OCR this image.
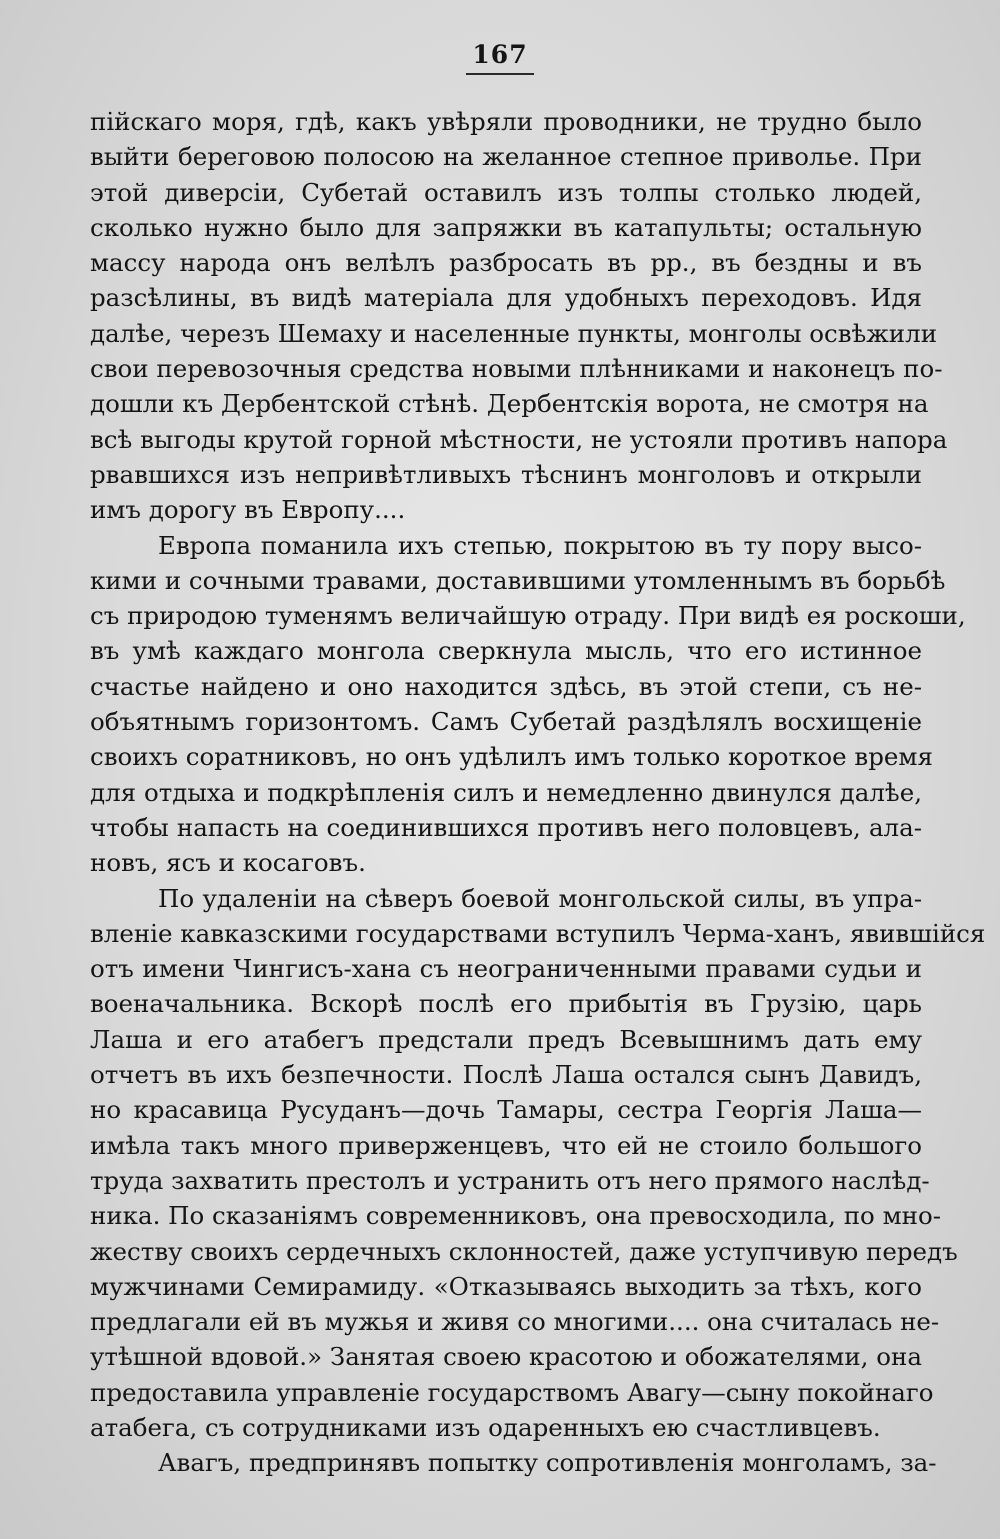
167

пійскаго моря, гдѣ, какъ увѣряли проводники, не трудно было
выйти береговою полосою на желанное степное приволье. При
этой диверсіи, Субетай оставилъ изъ толпы столько людей,
сколько нужно было для запряжки въ катапульты; остальную
массу народа онъ велѣлъ разбросать въ рр., въ бездны и въ
разсѣлины, въ видѣ матеріала для удобныхъ переходовъ. Идя
далѣе, черезъ Шемаху и населенные пункты, монголы освѣжили
свои перевозочныя средства новыми плѣнниками и наконецъ по-
дошли къ Дербентской стѣнѣ. Дербентскія ворота, не смотря на
всѣ выгоды крутой горной мѣстности, не устояли противъ напора
рвавшихся изъ непривѣтливыхъ тѣснинъ монголовъ и открыли
имъ дорогу въ Европу....

Европа поманила ихъ степью, покрытою въ ту пору высо-
кими и сочными травами, доставившими утомленнымъ въ борьбѣ
съ природою туменямъ величайшую отраду. При видѣ ея роскоши,
въ умѣ каждаго монгола сверкнула мысль, что его истинное
счастье найдено и оно находится здѣсь, въ этой степи, съ не-
объятнымъ горизонтомъ. Самъ Субетай раздѣлялъ восхищеніе
своихъ соратниковъ, но онъ удѣлилъ имъ только короткое время
для отдыха и подкрѣпленія силъ и немедленно двинулся далѣе,
чтобы напасть на соединившихся противъ него половцевъ, ала-
новъ, ясъ и косаговъ.

По удаленіи на сѣверъ боевой монгольской силы, въ упра-
вленіе кавказскими государствами вступилъ Черма-ханъ, явившійся
отъ имени Чингисъ-хана съ неограниченными правами судьи и
военачальника. Вскорѣ послѣ его прибытія въ Грузію, царь
Лаша и его атабегъ предстали предъ Всевышнимъ дать ему
отчетъ въ ихъ безпечности. Послѣ Лаша остался сынъ Давидъ,
но красавица Русуданъ—дочь Тамары, сестра Георгія Лаша—
имѣла такъ много приверженцевъ, что ей не стоило большого
труда захватить престолъ и устранить отъ него прямого наслѣд-
ника. По сказаніямъ современниковъ, она превосходила, по мно-
жеству своихъ сердечныхъ склонностей, даже уступчивую передъ
мужчинами Семирамиду. «Отказываясь выходить за тѣхъ, кого
предлагали ей въ мужья и живя со многими.... она считалась не-
утѣшной вдовой.» Занятая своею красотою и обожателями, она
предоставила управленіе государствомъ Авагу—сыну покойнаго
атабега, съ сотрудниками изъ одаренныхъ ею счастливцевъ.

Авагъ, предпринявъ попытку сопротивленія монголамъ, за-
